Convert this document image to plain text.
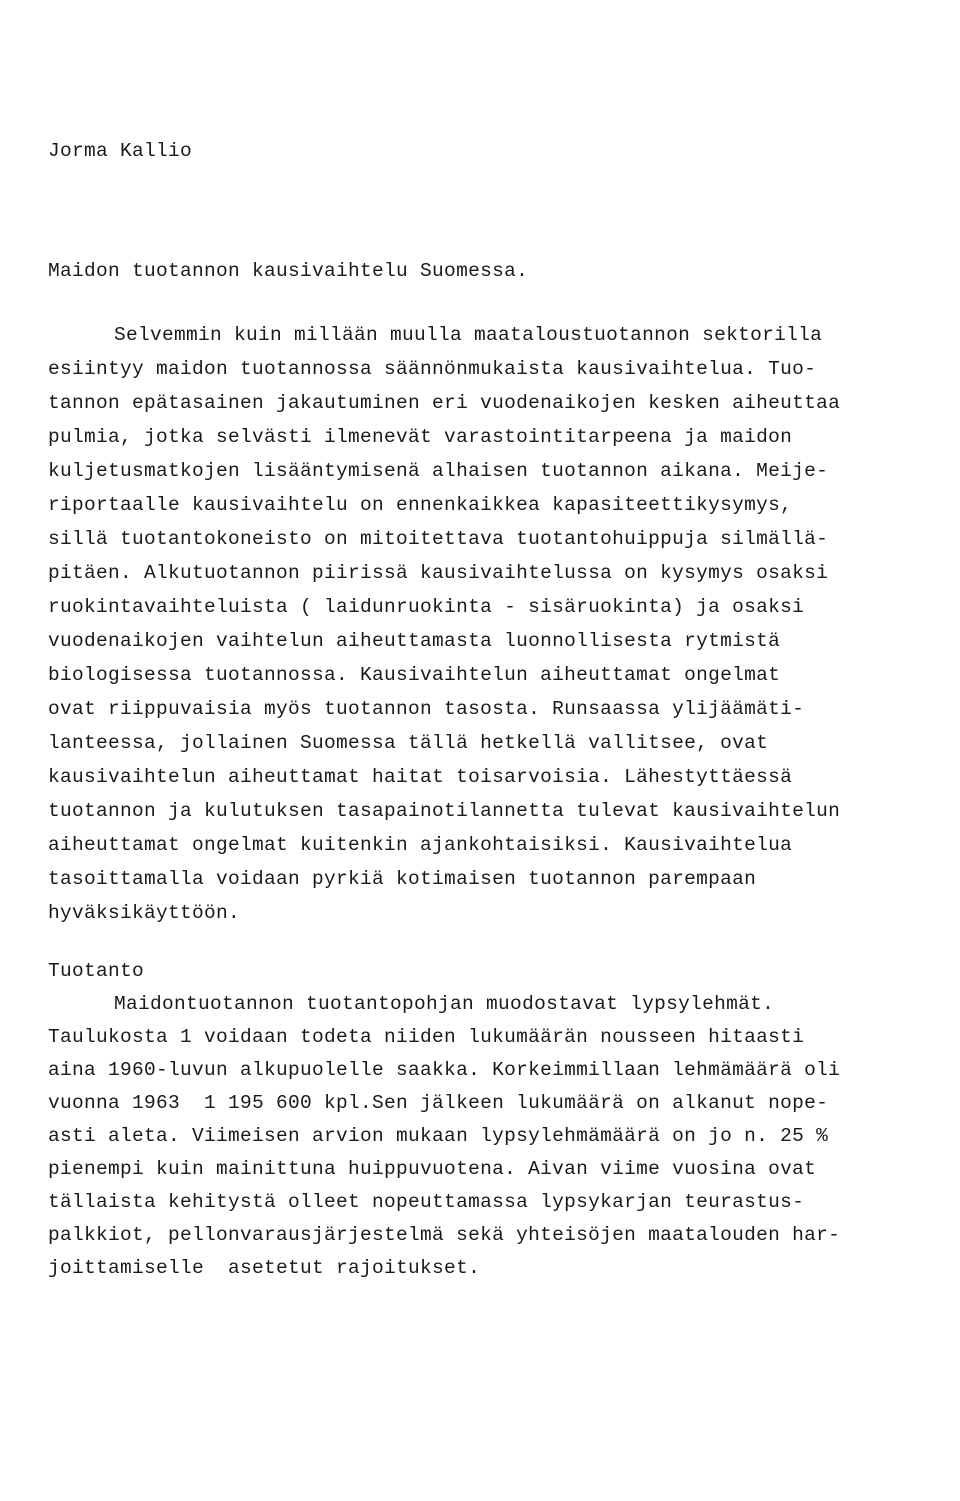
Jorma Kallio
Maidon tuotannon kausivaihtelu Suomessa.
Selvemmin kuin millään muulla maataloustuotannon sektorilla
esiintyy maidon tuotannossa säännönmukaista kausivaihtelua. Tuo-
tannon epätasainen jakautuminen eri vuodenaikojen kesken aiheuttaa
pulmia, jotka selvästi ilmenevät varastointitarpeena ja maidon
kuljetusmatkojen lisääntymisenä alhaisen tuotannon aikana. Meije-
riportaalle kausivaihtelu on ennenkaikkea kapasiteettikysymys,
sillä tuotantokoneisto on mitoitettava tuotantohuippuja silmällä-
pitäen. Alkutuotannon piirissä kausivaihtelussa on kysymys osaksi
ruokintavaihteluista ( laidunruokinta - sisäruokinta) ja osaksi
vuodenaikojen vaihtelun aiheuttamasta luonnollisesta rytmistä
biologisessa tuotannossa. Kausivaihtelun aiheuttamat ongelmat
ovat riippuvaisia myös tuotannon tasosta. Runsaassa ylijäämäti-
lanteessa, jollainen Suomessa tällä hetkellä vallitsee, ovat
kausivaihtelun aiheuttamat haitat toisarvoisia. Lähestyttäessä
tuotannon ja kulutuksen tasapainotilannetta tulevat kausivaihtelun
aiheuttamat ongelmat kuitenkin ajankohtaisiksi. Kausivaihtelua
tasoittamalla voidaan pyrkiä kotimaisen tuotannon parempaan
hyväksikäyttöön.
Tuotanto
Maidontuotannon tuotantopohjan muodostavat lypsylehmät.
Taulukosta 1 voidaan todeta niiden lukumäärän nousseen hitaasti
aina 1960-luvun alkupuolelle saakka. Korkeimmillaan lehmämäärä oli
vuonna 1963  1 195 600 kpl.Sen jälkeen lukumäärä on alkanut nope-
asti aleta. Viimeisen arvion mukaan lypsylehmämäärä on jo n. 25 %
pienempi kuin mainittuna huippuvuotena. Aivan viime vuosina ovat
tällaista kehitystä olleet nopeuttamassa lypsykarjan teurastus-
palkkiot, pellonvarausjärjestelmä sekä yhteisöjen maatalouden har-
joittamiselle  asetetut rajoitukset.
